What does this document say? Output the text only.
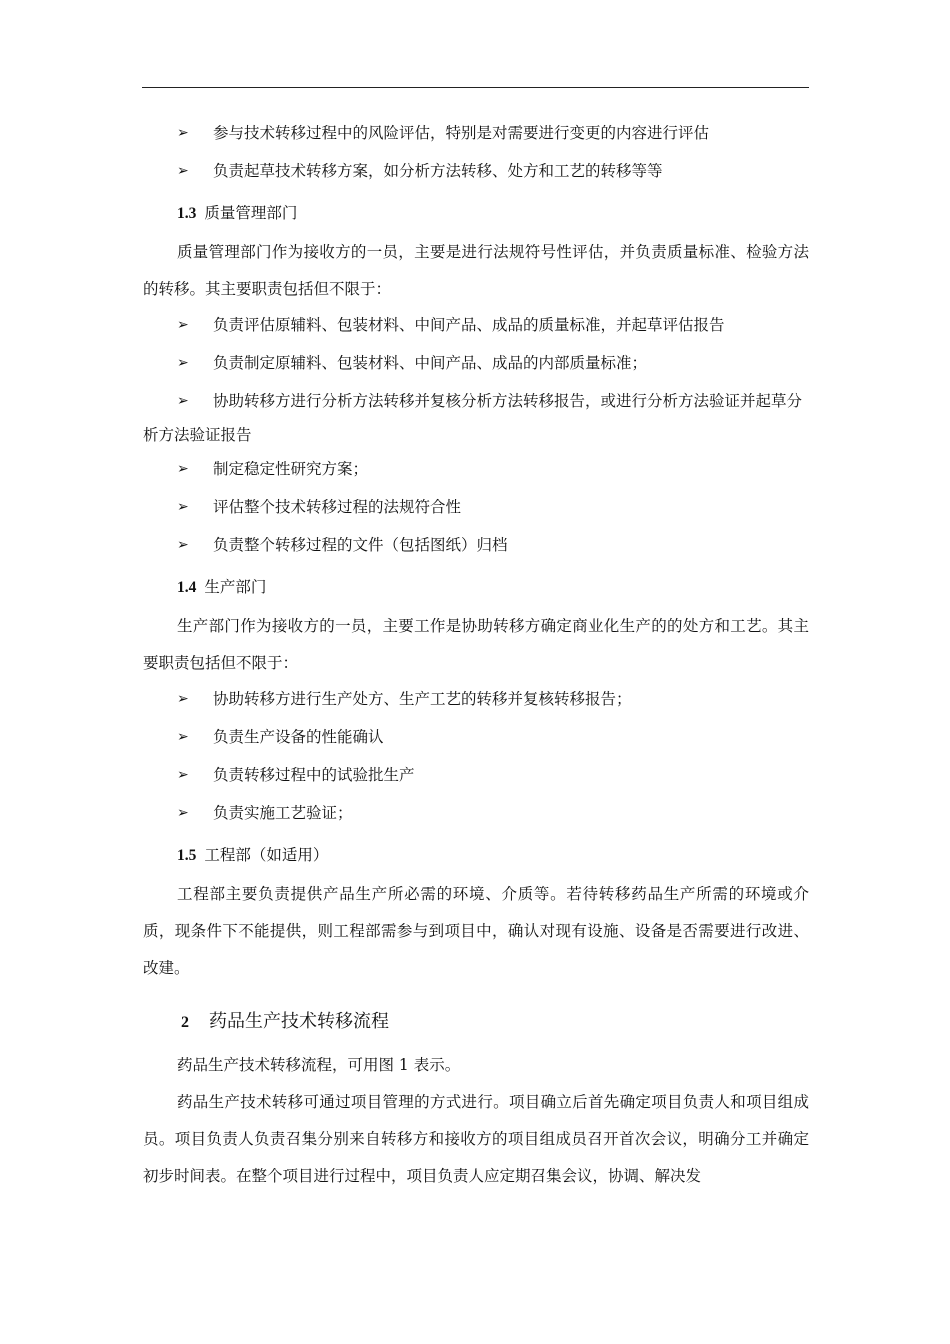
➢ 参与技术转移过程中的风险评估，特别是对需要进行变更的内容进行评估
➢ 负责起草技术转移方案，如分析方法转移、处方和工艺的转移等等
1.3 质量管理部门

质量管理部门作为接收方的一员，主要是进行法规符号性评估，并负责质量标准、检验方法的转移。其主要职责包括但不限于：

➢ 负责评估原辅料、包装材料、中间产品、成品的质量标准，并起草评估报告
➢ 负责制定原辅料、包装材料、中间产品、成品的内部质量标准；
➢ 协助转移方进行分析方法转移并复核分析方法转移报告，或进行分析方法验证并起草分析方法验证报告
➢ 制定稳定性研究方案；
➢ 评估整个技术转移过程的法规符合性
➢ 负责整个转移过程的文件（包括图纸）归档
1.4 生产部门

生产部门作为接收方的一员，主要工作是协助转移方确定商业化生产的的处方和工艺。其主要职责包括但不限于：

➢ 协助转移方进行生产处方、生产工艺的转移并复核转移报告；
➢ 负责生产设备的性能确认
➢ 负责转移过程中的试验批生产
➢ 负责实施工艺验证；
1.5 工程部（如适用）

工程部主要负责提供产品生产所必需的环境、介质等。若待转移药品生产所需的环境或介质，现条件下不能提供，则工程部需参与到项目中，确认对现有设施、设备是否需要进行改进、改建。

2 药品生产技术转移流程

药品生产技术转移流程，可用图 1 表示。

药品生产技术转移可通过项目管理的方式进行。项目确立后首先确定项目负责人和项目组成员。项目负责人负责召集分别来自转移方和接收方的项目组成员召开首次会议，明确分工并确定初步时间表。在整个项目进行过程中，项目负责人应定期召集会议，协调、解决发
